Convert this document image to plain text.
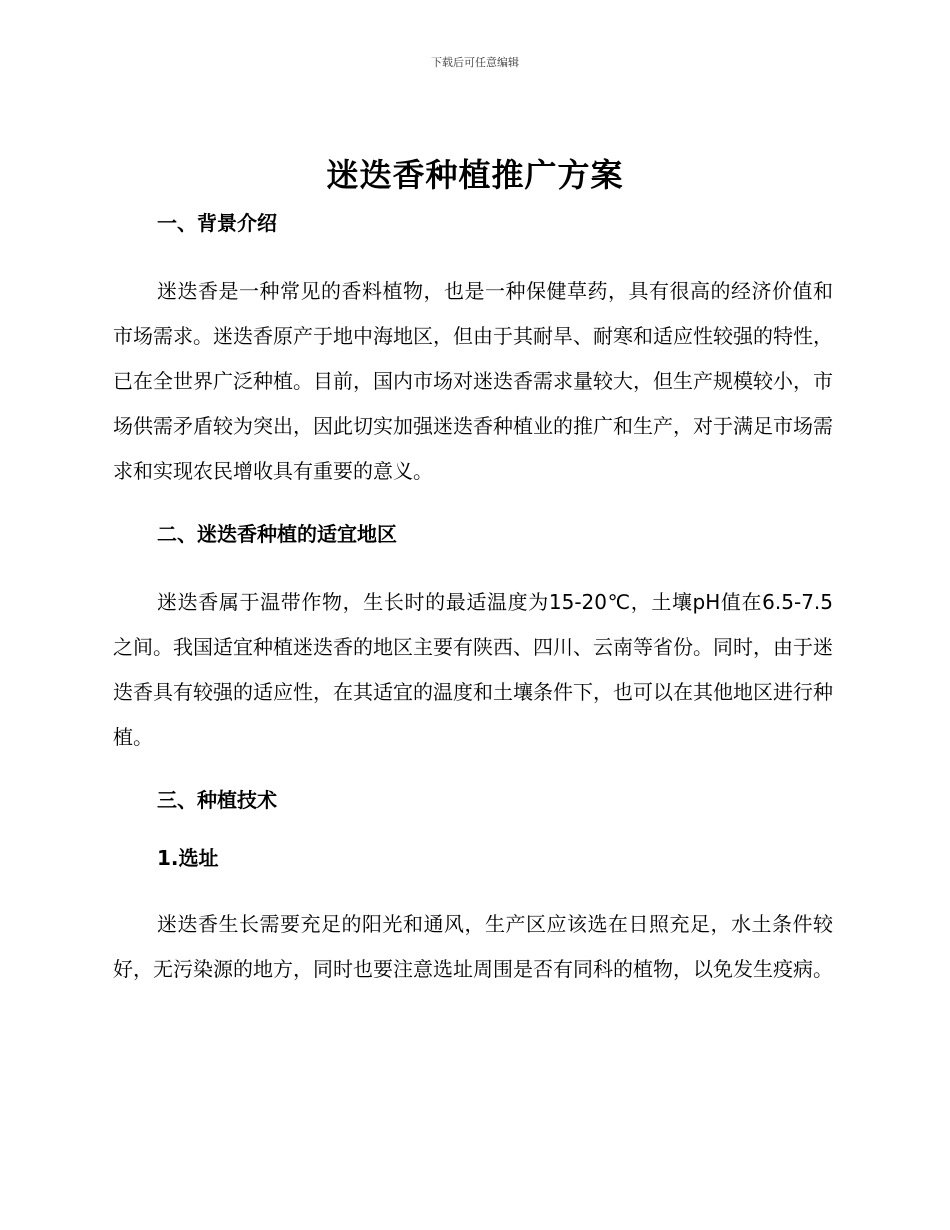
下载后可任意编辑
迷迭香种植推广方案
一、背景介绍

迷迭香是一种常见的香料植物，也是一种保健草药，具有很高的经济价值和市场需求。迷迭香原产于地中海地区，但由于其耐旱、耐寒和适应性较强的特性，已在全世界广泛种植。目前，国内市场对迷迭香需求量较大，但生产规模较小，市场供需矛盾较为突出，因此切实加强迷迭香种植业的推广和生产，对于满足市场需求和实现农民增收具有重要的意义。

二、迷迭香种植的适宜地区

迷迭香属于温带作物，生长时的最适温度为15-20℃，土壤pH值在6.5-7.5之间。我国适宜种植迷迭香的地区主要有陕西、四川、云南等省份。同时，由于迷迭香具有较强的适应性，在其适宜的温度和土壤条件下，也可以在其他地区进行种植。

三、种植技术
1.选址

迷迭香生长需要充足的阳光和通风，生产区应该选在日照充足，水土条件较好，无污染源的地方，同时也要注意选址周围是否有同科的植物，以免发生疫病。
